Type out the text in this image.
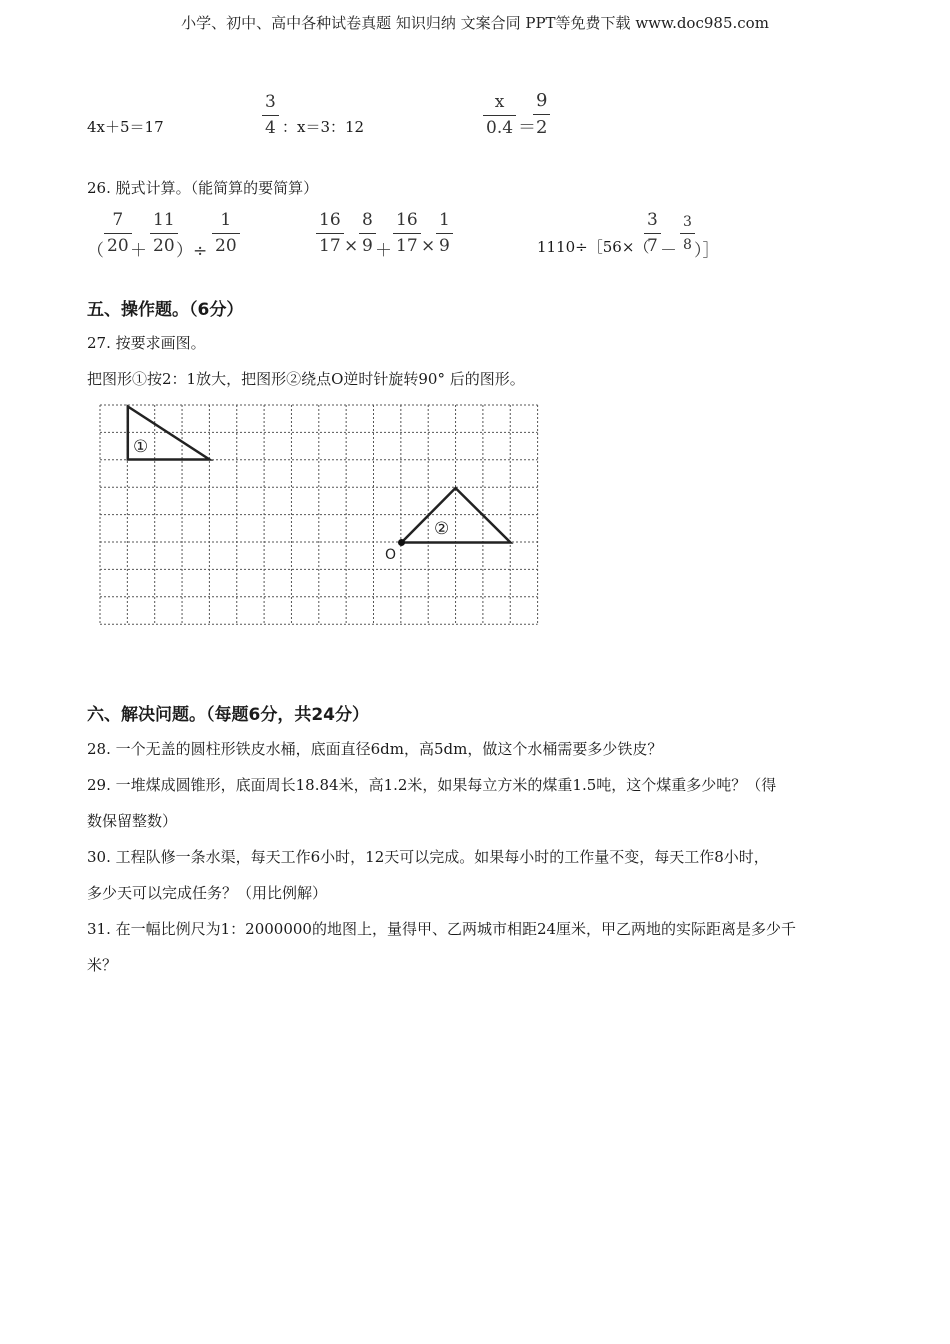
小学、初中、高中各种试卷真题 知识归纳 文案合同 PPT等免费下载 www.doc985.com
4x＋5＝17
3
4 ：x＝3：12
x
0.4 ＝
9
2
26. 脱式计算。（能简算的要简算）
（
7
20 ＋
11
20 ）÷
1
20
16
17 ×
8
9 ＋
16
17 ×
1
9	1110÷［56×（
3
7 －
3
8 ）］
五、操作题。（6分）
27. 按要求画图。
把图形①按2：1放大，把图形②绕点O逆时针旋转90° 后的图形。
①
②
O
六、解决问题。（每题6分，共24分）
28. 一个无盖的圆柱形铁皮水桶，底面直径6dm，高5dm，做这个水桶需要多少铁皮？
29. 一堆煤成圆锥形，底面周长18.84米，高1.2米，如果每立方米的煤重1.5吨，这个煤重多少吨？（得
数保留整数）
30. 工程队修一条水渠，每天工作6小时，12天可以完成。如果每小时的工作量不变，每天工作8小时，
多少天可以完成任务？（用比例解）
31. 在一幅比例尺为1：2000000的地图上，量得甲、乙两城市相距24厘米，甲乙两地的实际距离是多少千
米？
